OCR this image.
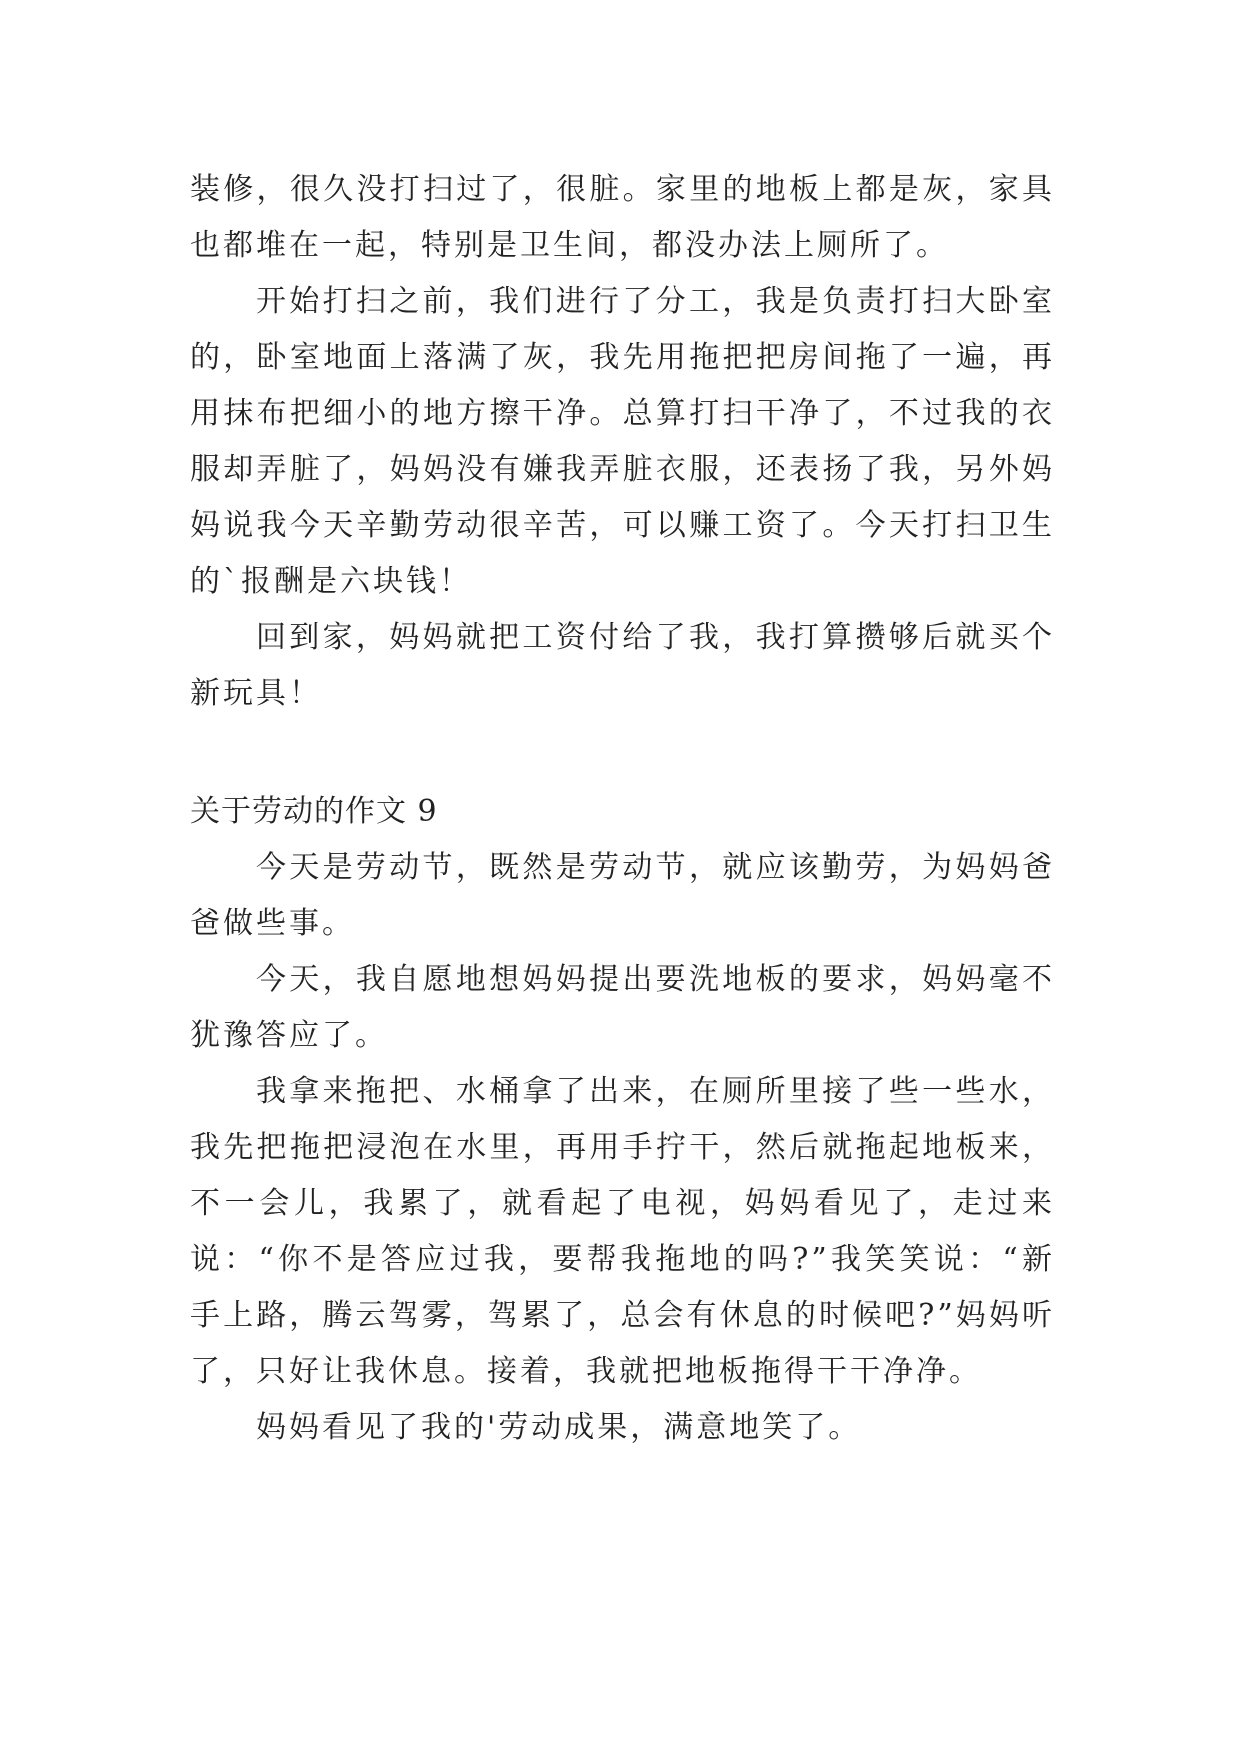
装修，很久没打扫过了，很脏。家里的地板上都是灰，家具也都堆在一起，特别是卫生间，都没办法上厕所了。

开始打扫之前，我们进行了分工，我是负责打扫大卧室的，卧室地面上落满了灰，我先用拖把把房间拖了一遍，再用抹布把细小的地方擦干净。总算打扫干净了，不过我的衣服却弄脏了，妈妈没有嫌我弄脏衣服，还表扬了我，另外妈妈说我今天辛勤劳动很辛苦，可以赚工资了。今天打扫卫生的`报酬是六块钱！

回到家，妈妈就把工资付给了我，我打算攒够后就买个新玩具！

关于劳动的作文 9

今天是劳动节，既然是劳动节，就应该勤劳，为妈妈爸爸做些事。

今天，我自愿地想妈妈提出要洗地板的要求，妈妈毫不犹豫答应了。

我拿来拖把、水桶拿了出来，在厕所里接了些一些水，我先把拖把浸泡在水里，再用手拧干，然后就拖起地板来，不一会儿，我累了，就看起了电视，妈妈看见了，走过来说：“你不是答应过我，要帮我拖地的吗?”我笑笑说：“新手上路，腾云驾雾，驾累了，总会有休息的时候吧?”妈妈听了，只好让我休息。接着，我就把地板拖得干干净净。

妈妈看见了我的'劳动成果，满意地笑了。
